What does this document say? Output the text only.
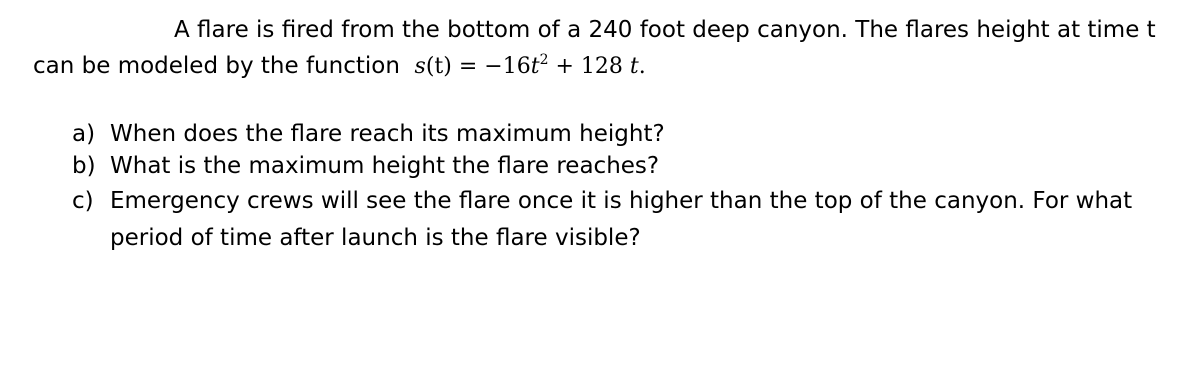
A flare is fired from the bottom of a 240 foot deep canyon. The flares height at time t
can be modeled by the function $s(t) = -16t^2 + 128$ t.
a) When does the flare reach its maximum height?
b) What is the maximum height the flare reaches?
c) Emergency crews will see the flare once it is higher than the top of the canyon. For what
period of time after launch is the flare visible?
